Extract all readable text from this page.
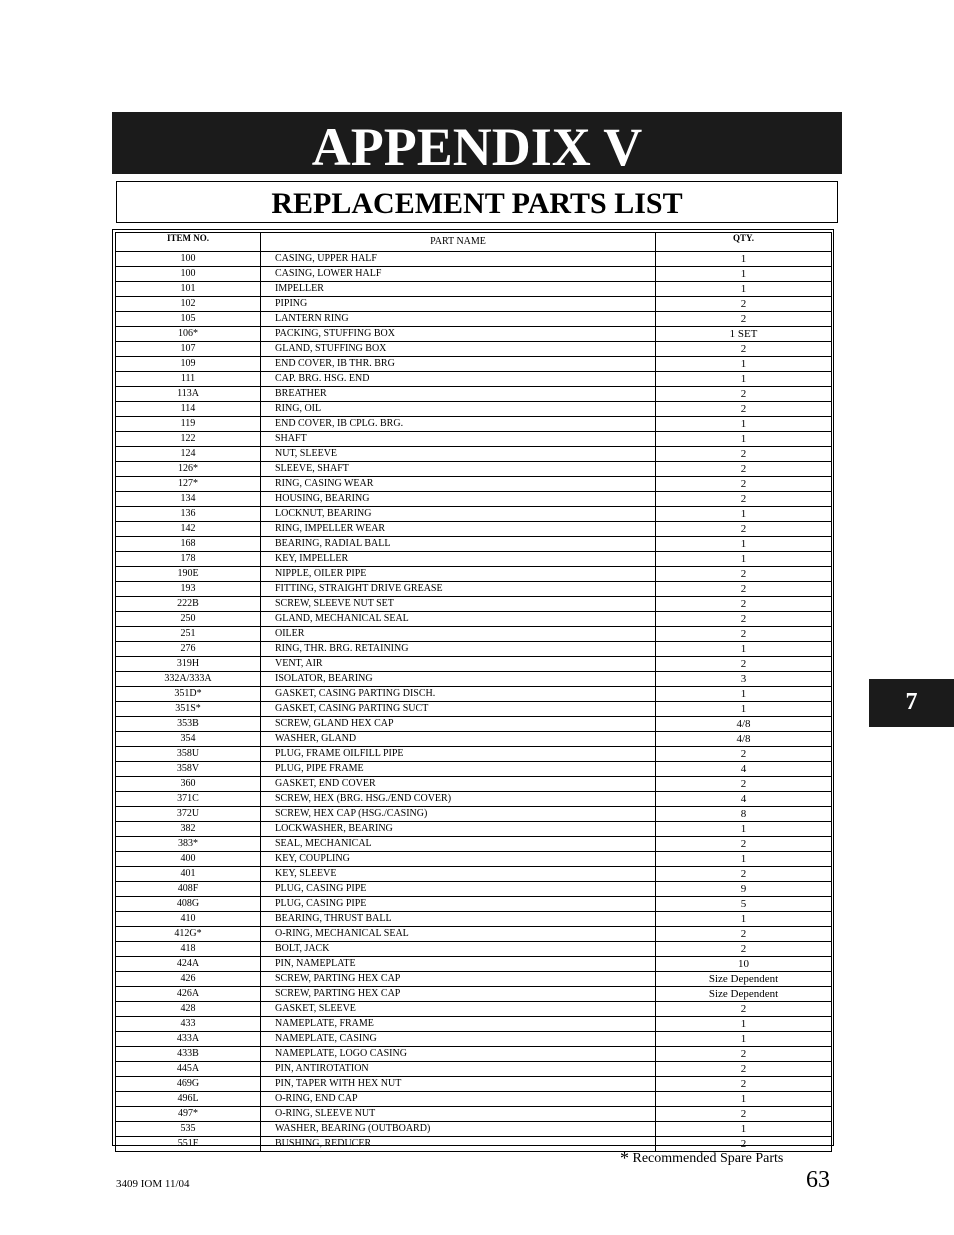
APPENDIX V
REPLACEMENT PARTS LIST
ITEM NO.	PART NAME	QTY.
100	CASING, UPPER HALF	1
100	CASING, LOWER HALF	1
101	IMPELLER	1
102	PIPING	2
105	LANTERN RING	2
106*	PACKING, STUFFING BOX	1 SET
107	GLAND, STUFFING BOX	2
109	END COVER, IB THR. BRG	1
111	CAP. BRG. HSG. END	1
113A	BREATHER	2
114	RING, OIL	2
119	END COVER, IB CPLG. BRG.	1
122	SHAFT	1
124	NUT, SLEEVE	2
126*	SLEEVE, SHAFT	2
127*	RING, CASING WEAR	2
134	HOUSING, BEARING	2
136	LOCKNUT, BEARING	1
142	RING, IMPELLER WEAR	2
168	BEARING, RADIAL BALL	1
178	KEY, IMPELLER	1
190E	NIPPLE, OILER PIPE	2
193	FITTING, STRAIGHT DRIVE GREASE	2
222B	SCREW, SLEEVE NUT SET	2
250	GLAND, MECHANICAL SEAL	2
251	OILER	2
276	RING, THR. BRG. RETAINING	1
319H	VENT, AIR	2
332A/333A	ISOLATOR, BEARING	3
351D*	GASKET, CASING PARTING DISCH.	1
351S*	GASKET, CASING PARTING SUCT	1
353B	SCREW, GLAND HEX CAP	4/8
354	WASHER, GLAND	4/8
358U	PLUG, FRAME OILFILL PIPE	2
358V	PLUG, PIPE FRAME	4
360	GASKET, END COVER	2
371C	SCREW, HEX (BRG. HSG./END COVER)	4
372U	SCREW, HEX CAP (HSG./CASING)	8
382	LOCKWASHER, BEARING	1
383*	SEAL, MECHANICAL	2
400	KEY, COUPLING	1
401	KEY, SLEEVE	2
408F	PLUG, CASING PIPE	9
408G	PLUG, CASING PIPE	5
410	BEARING, THRUST BALL	1
412G*	O-RING, MECHANICAL SEAL	2
418	BOLT, JACK	2
424A	PIN, NAMEPLATE	10
426	SCREW, PARTING HEX CAP	Size Dependent
426A	SCREW, PARTING HEX CAP	Size Dependent
428	GASKET, SLEEVE	2
433	NAMEPLATE, FRAME	1
433A	NAMEPLATE, CASING	1
433B	NAMEPLATE, LOGO CASING	2
445A	PIN, ANTIROTATION	2
469G	PIN, TAPER WITH HEX NUT	2
496L	O-RING, END CAP	1
497*	O-RING, SLEEVE NUT	2
535	WASHER, BEARING (OUTBOARD)	1
551F	BUSHING, REDUCER	2
7
* Recommended Spare Parts
63
3409 IOM 11/04
